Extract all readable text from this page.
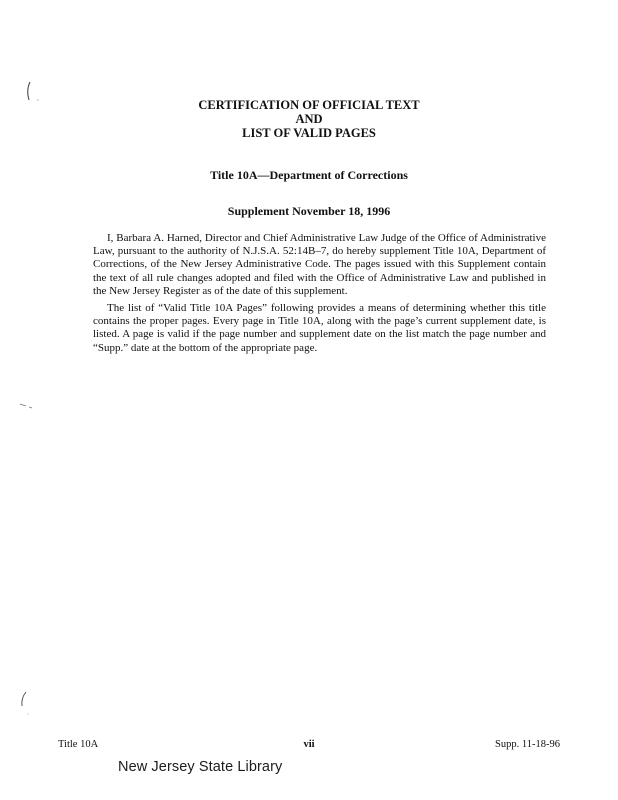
CERTIFICATION OF OFFICIAL TEXT
AND
LIST OF VALID PAGES
Title 10A—Department of Corrections
Supplement November 18, 1996

I, Barbara A. Harned, Director and Chief Administrative Law Judge of the Office of Administrative Law, pursuant to the authority of N.J.S.A. 52:14B–7, do hereby supplement Title 10A, Department of Corrections, of the New Jersey Administrative Code. The pages issued with this Supplement contain the text of all rule changes adopted and filed with the Office of Administrative Law and published in the New Jersey Register as of the date of this supplement.

The list of “Valid Title 10A Pages” following provides a means of determining whether this title contains the proper pages. Every page in Title 10A, along with the page’s current supplement date, is listed. A page is valid if the page number and supplement date on the list match the page number and “Supp.” date at the bottom of the appropriate page.

Title 10A	vii	Supp. 11-18-96
New Jersey State Library
